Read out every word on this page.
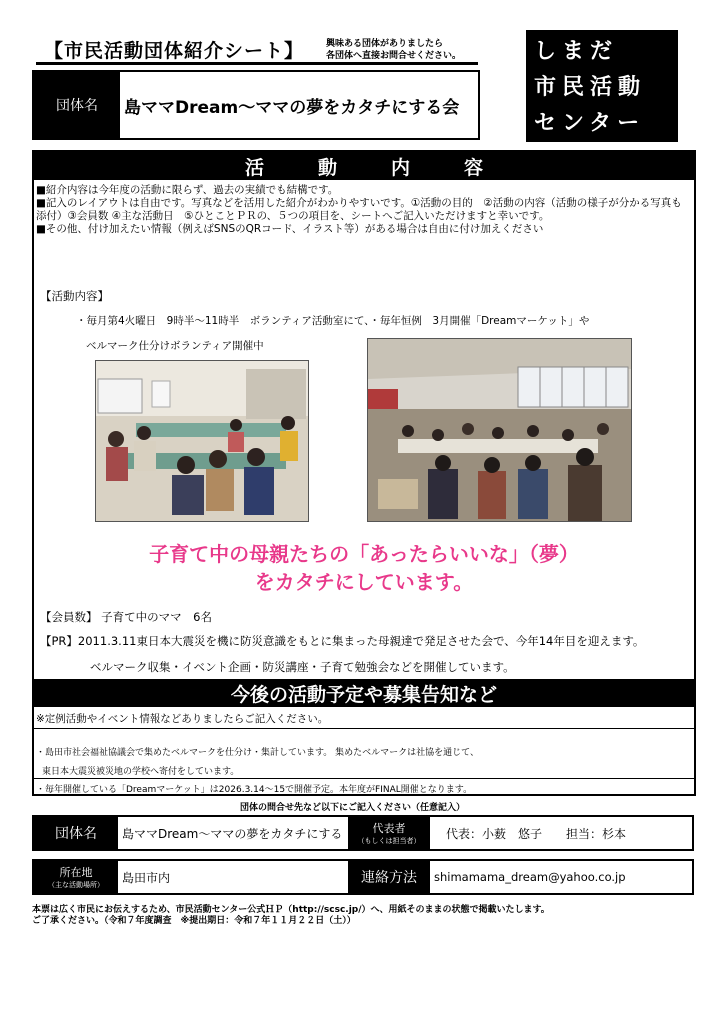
【市民活動団体紹介シート】 興味ある団体がありましたら
各団体へ直接お問合せください。	しまだ
市民活動
センター
団体名	島ママDream〜ママの夢をカタチにする会
活動内容
■紹介内容は今年度の活動に限らず、過去の実績でも結構です。
■記入のレイアウトは自由です。写真などを活用した紹介がわかりやすいです。①活動の目的　②活動の内容（活動の様子が分かる写真も添付）③会員数 ④主な活動日　⑤ひとことＰＲの、５つの項目を、シートへご記入いただけますと幸いです。
■その他、付け加えたい情報（例えばSNSのQRコード、イラスト等）がある場合は自由に付け加えください
【活動内容】
・毎月第4火曜日　9時半〜11時半　ボランティア活動室にて、・毎年恒例　3月開催「Dreamマーケット」や
ベルマーク仕分けボランティア開催中
子育て中の母親たちの「あったらいいな」（夢）
をカタチにしています。
【会員数】 子育て中のママ　6名
【PR】2011.3.11東日本大震災を機に防災意識をもとに集まった母親達で発足させた会で、今年14年目を迎えます。
ベルマーク収集・イベント企画・防災講座・子育て勉強会などを開催しています。
今後の活動予定や募集告知など
※定例活動やイベント情報などありましたらご記入ください。
・島田市社会福祉協議会で集めたベルマークを仕分け・集計しています。 集めたベルマークは社協を通じて、
東日本大震災被災地の学校へ寄付をしています。
・毎年開催している「Dreamマーケット」は2026.3.14〜15で開催予定。本年度がFINAL開催となります。
団体の問合せ先など以下にご記入ください（任意記入）
団体名	島ママDream〜ママの夢をカタチにする	代表者
（もしくは担当者）
代表：小薮　悠子　　担当：杉本
所在地
（主な活動場所）
島田市内	連絡方法	shimamama_dream@yahoo.co.jp
本票は広く市民にお伝えするため、市民活動センター公式ＨＰ（http://scsc.jp/）へ、用紙そのままの状態で掲載いたします。
ご了承ください。（令和７年度調査　※提出期日：令和７年１１月２２日（土））
